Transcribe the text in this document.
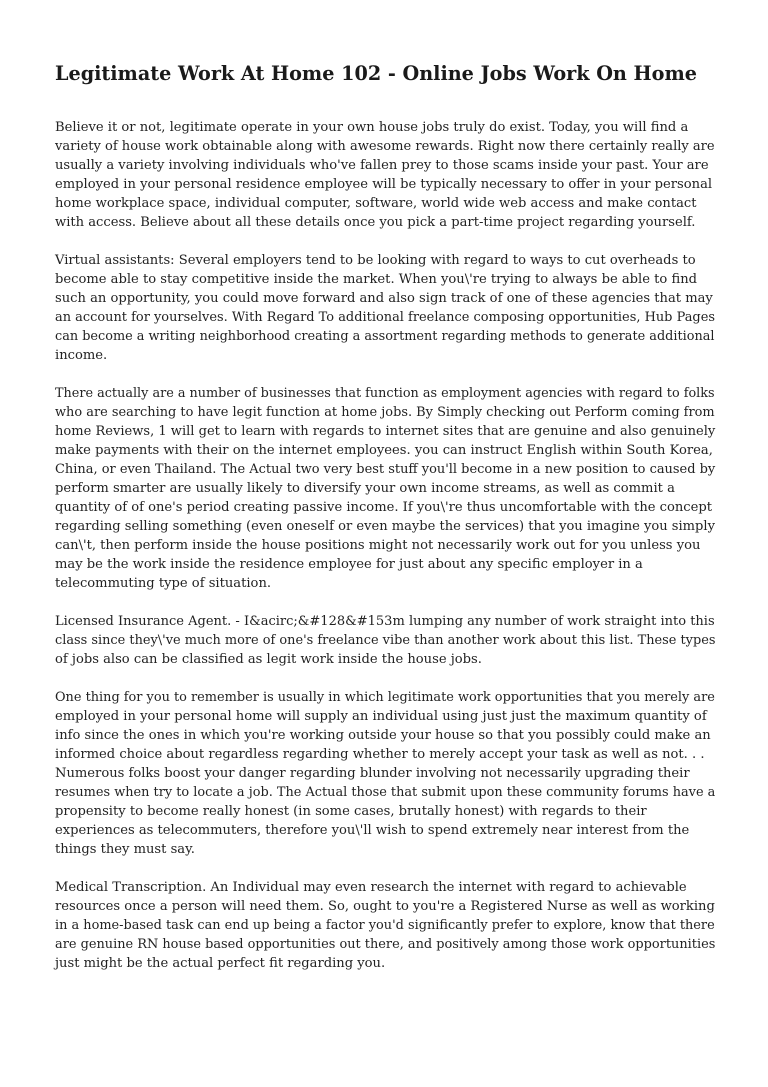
Legitimate Work At Home 102 - Online Jobs Work On Home

Believe it or not, legitimate operate in your own house jobs truly do exist. Today, you will find a
variety of house work obtainable along with awesome rewards. Right now there certainly really are
usually a variety involving individuals who've fallen prey to those scams inside your past. Your are
employed in your personal residence employee will be typically necessary to offer in your personal
home workplace space, individual computer, software, world wide web access and make contact
with access. Believe about all these details once you pick a part-time project regarding yourself.

Virtual assistants: Several employers tend to be looking with regard to ways to cut overheads to
become able to stay competitive inside the market. When you\'re trying to always be able to find
such an opportunity, you could move forward and also sign track of one of these agencies that may
an account for yourselves. With Regard To additional freelance composing opportunities, Hub Pages
can become a writing neighborhood creating a assortment regarding methods to generate additional
income.

There actually are a number of businesses that function as employment agencies with regard to folks
who are searching to have legit function at home jobs. By Simply checking out Perform coming from
home Reviews, 1 will get to learn with regards to internet sites that are genuine and also genuinely
make payments with their on the internet employees. you can instruct English within South Korea,
China, or even Thailand. The Actual two very best stuff you'll become in a new position to caused by
perform smarter are usually likely to diversify your own income streams, as well as commit a
quantity of of one's period creating passive income. If you\'re thus uncomfortable with the concept
regarding selling something (even oneself or even maybe the services) that you imagine you simply
can\'t, then perform inside the house positions might not necessarily work out for you unless you
may be the work inside the residence employee for just about any specific employer in a
telecommuting type of situation.

Licensed Insurance Agent. - I&acirc;&#128&#153m lumping any number of work straight into this
class since they\'ve much more of one's freelance vibe than another work about this list. These types
of jobs also can be classified as legit work inside the house jobs.

One thing for you to remember is usually in which legitimate work opportunities that you merely are
employed in your personal home will supply an individual using just just the maximum quantity of
info since the ones in which you're working outside your house so that you possibly could make an
informed choice about regardless regarding whether to merely accept your task as well as not. . .
Numerous folks boost your danger regarding blunder involving not necessarily upgrading their
resumes when try to locate a job. The Actual those that submit upon these community forums have a
propensity to become really honest (in some cases, brutally honest) with regards to their
experiences as telecommuters, therefore you\'ll wish to spend extremely near interest from the
things they must say.

Medical Transcription. An Individual may even research the internet with regard to achievable
resources once a person will need them. So, ought to you're a Registered Nurse as well as working
in a home-based task can end up being a factor you'd significantly prefer to explore, know that there
are genuine RN house based opportunities out there, and positively among those work opportunities
just might be the actual perfect fit regarding you.
